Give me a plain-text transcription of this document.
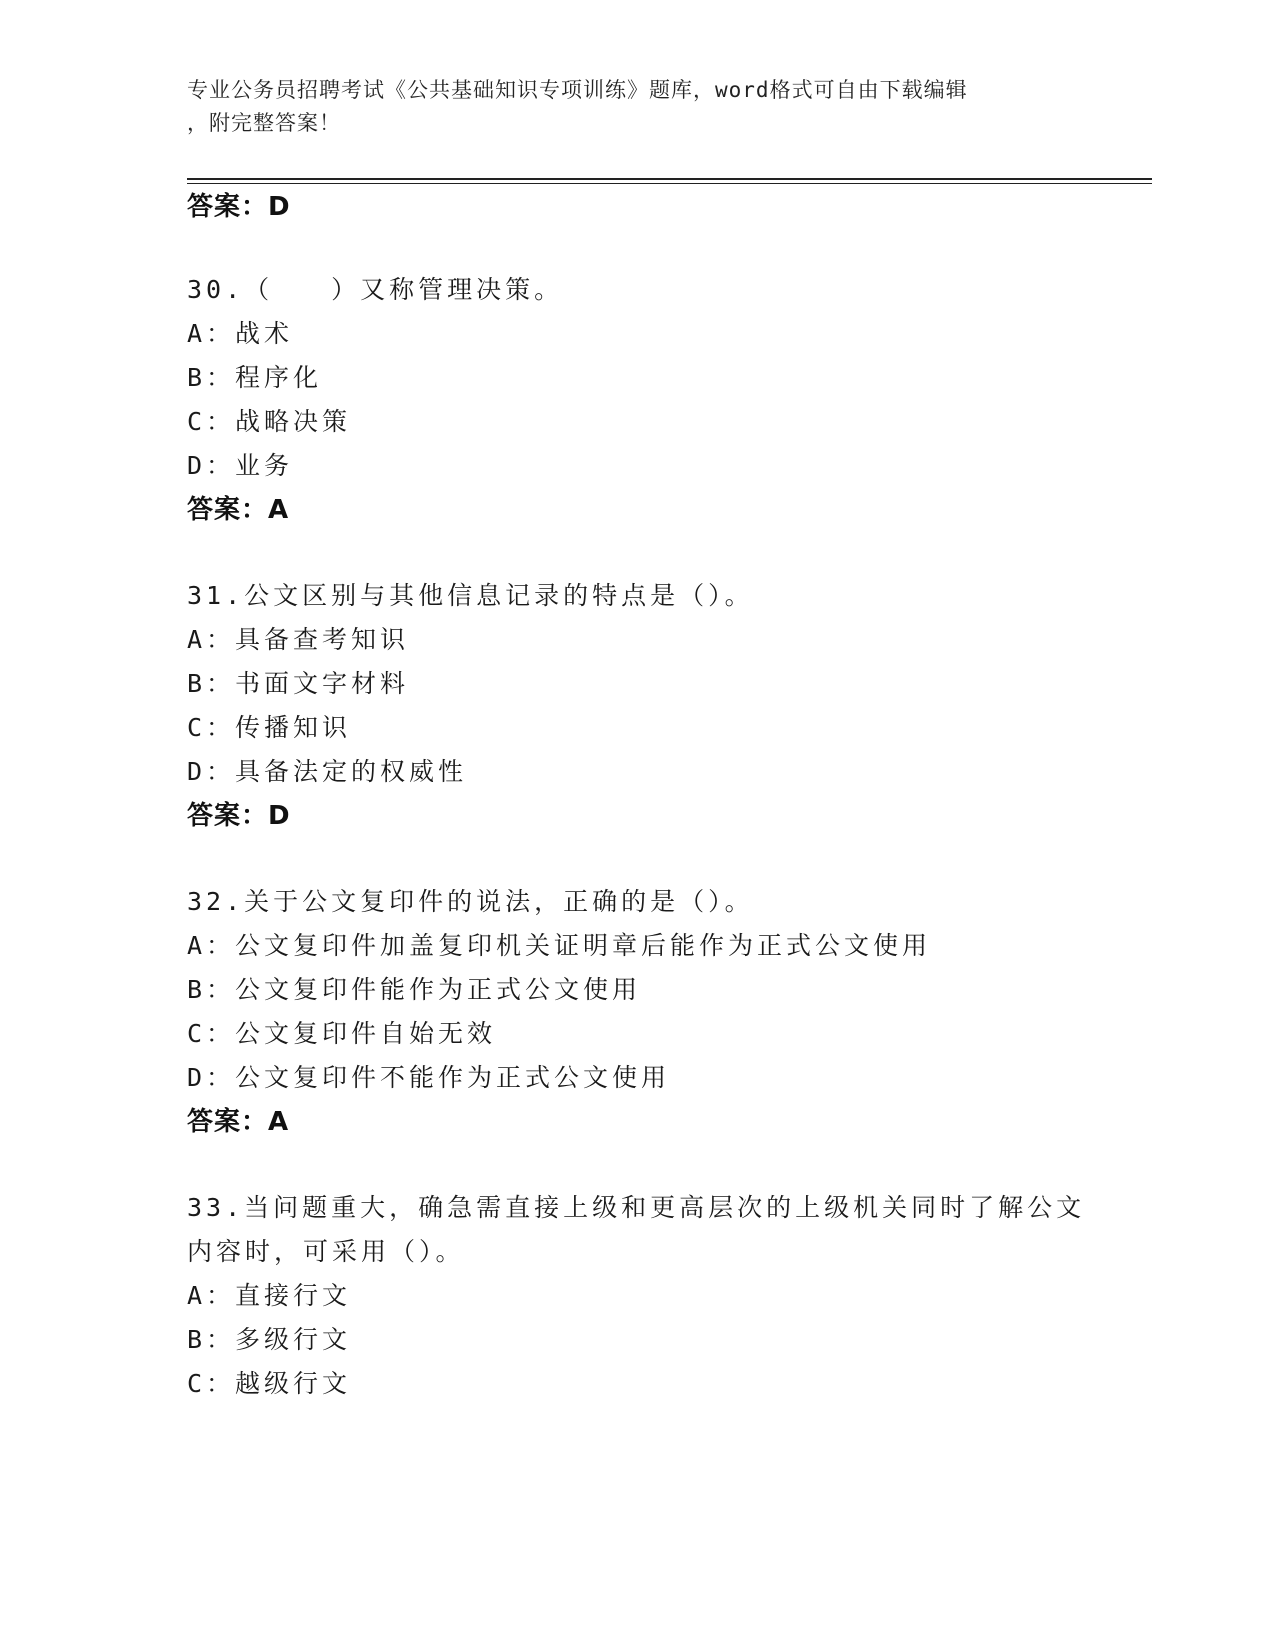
专业公务员招聘考试《公共基础知识专项训练》题库，word格式可自由下载编辑
，附完整答案！
答案：D
30.（　　）又称管理决策。
A：战术
B：程序化
C：战略决策
D：业务
答案：A
31.公文区别与其他信息记录的特点是（）。
A：具备查考知识
B：书面文字材料
C：传播知识
D：具备法定的权威性
答案：D
32.关于公文复印件的说法，正确的是（）。
A：公文复印件加盖复印机关证明章后能作为正式公文使用
B：公文复印件能作为正式公文使用
C：公文复印件自始无效
D：公文复印件不能作为正式公文使用
答案：A
33.当问题重大，确急需直接上级和更高层次的上级机关同时了解公文
内容时，可采用（）。
A：直接行文
B：多级行文
C：越级行文
